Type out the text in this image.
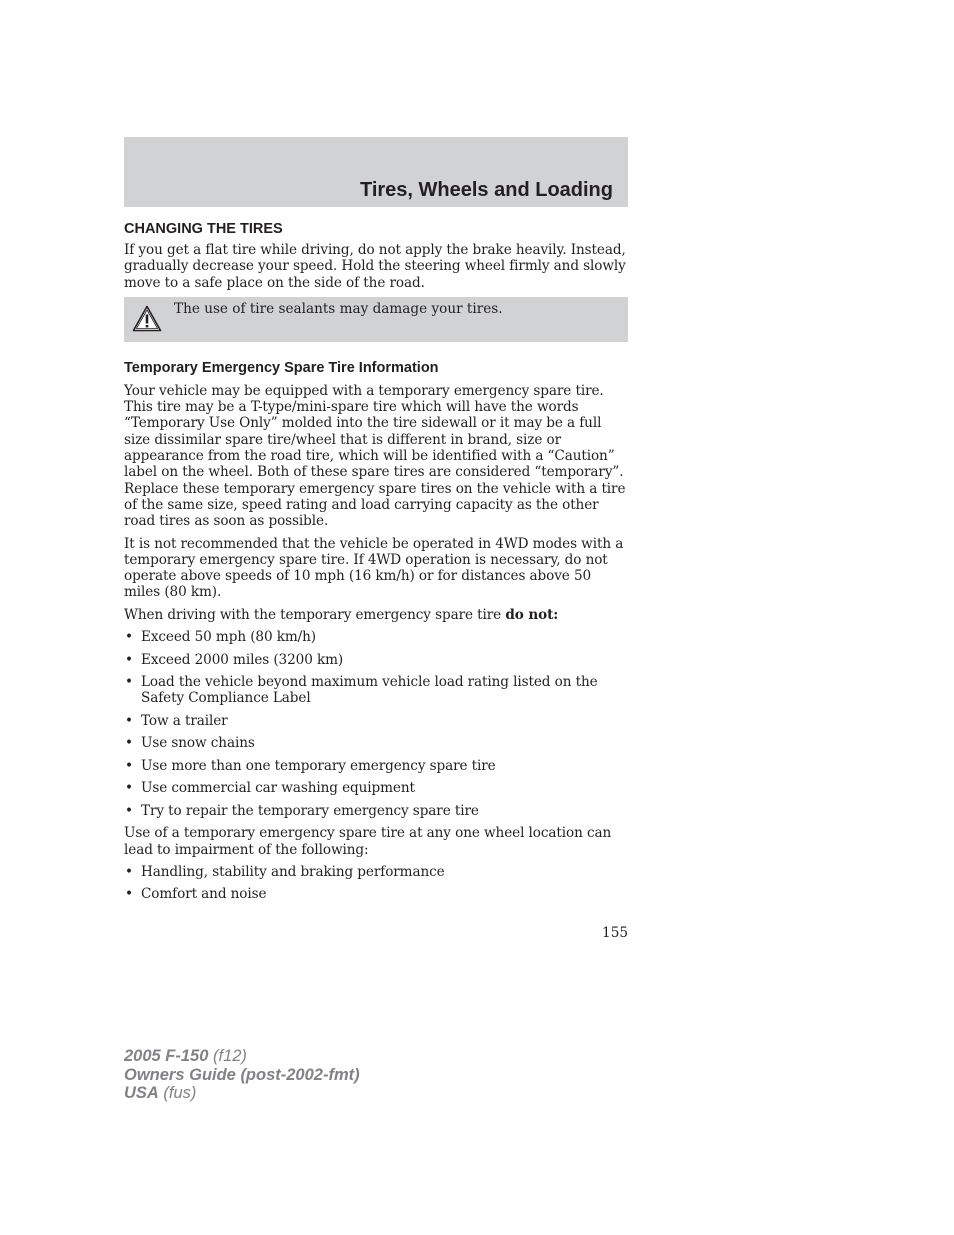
Tires, Wheels and Loading
CHANGING THE TIRES
If you get a flat tire while driving, do not apply the brake heavily. Instead, gradually decrease your speed. Hold the steering wheel firmly and slowly move to a safe place on the side of the road.
The use of tire sealants may damage your tires.
Temporary Emergency Spare Tire Information
Your vehicle may be equipped with a temporary emergency spare tire. This tire may be a T-type/mini-spare tire which will have the words “Temporary Use Only” molded into the tire sidewall or it may be a full size dissimilar spare tire/wheel that is different in brand, size or appearance from the road tire, which will be identified with a “Caution” label on the wheel. Both of these spare tires are considered “temporary”. Replace these temporary emergency spare tires on the vehicle with a tire of the same size, speed rating and load carrying capacity as the other road tires as soon as possible.
It is not recommended that the vehicle be operated in 4WD modes with a temporary emergency spare tire. If 4WD operation is necessary, do not operate above speeds of 10 mph (16 km/h) or for distances above 50 miles (80 km).
When driving with the temporary emergency spare tire do not:
• Exceed 50 mph (80 km/h)
• Exceed 2000 miles (3200 km)
• Load the vehicle beyond maximum vehicle load rating listed on the Safety Compliance Label
• Tow a trailer
• Use snow chains
• Use more than one temporary emergency spare tire
• Use commercial car washing equipment
• Try to repair the temporary emergency spare tire
Use of a temporary emergency spare tire at any one wheel location can lead to impairment of the following:
• Handling, stability and braking performance
• Comfort and noise
155
2005 F-150 (f12)
Owners Guide (post-2002-fmt)
USA (fus)
